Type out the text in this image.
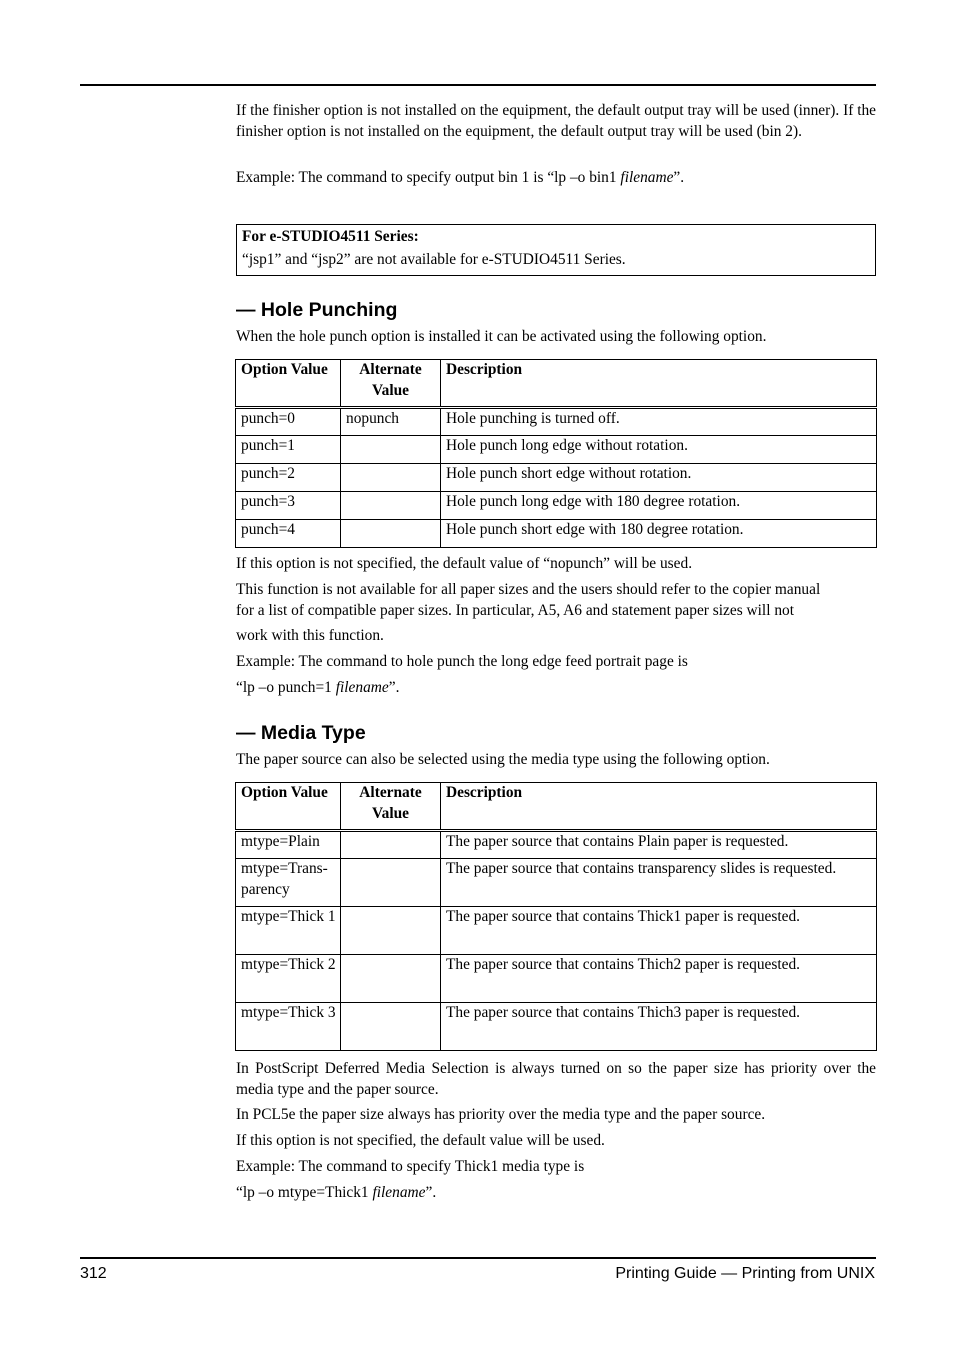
If the finisher option is not installed on the equipment, the default output tray will be used (inner). If the finisher option is not installed on the equipment, the default output tray will be used (bin 2).
Example: The command to specify output bin 1 is “lp –o bin1 filename”.
For e-STUDIO4511 Series:
“jsp1” and “jsp2” are not available for e-STUDIO4511 Series.
— Hole Punching
When the hole punch option is installed it can be activated using the following option.
Option Value	Alternate Value	Description
punch=0	nopunch	Hole punching is turned off.
punch=1		Hole punch long edge without rotation.
punch=2		Hole punch short edge without rotation.
punch=3		Hole punch long edge with 180 degree rotation.
punch=4		Hole punch short edge with 180 degree rotation.
If this option is not specified, the default value of “nopunch” will be used.
This function is not available for all paper sizes and the users should refer to the copier manual
for a list of compatible paper sizes. In particular, A5, A6 and statement paper sizes will not
work with this function.
Example: The command to hole punch the long edge feed portrait page is
“lp –o punch=1 filename”.
— Media Type
The paper source can also be selected using the media type using the following option.
Option Value	Alternate Value	Description
mtype=Plain		The paper source that contains Plain paper is requested.
mtype=Trans-parency		The paper source that contains transparency slides is requested.
mtype=Thick 1		The paper source that contains Thick1 paper is requested.
mtype=Thick 2		The paper source that contains Thich2 paper is requested.
mtype=Thick 3		The paper source that contains Thich3 paper is requested.
In PostScript Deferred Media Selection is always turned on so the paper size has priority over the media type and the paper source.
In PCL5e the paper size always has priority over the media type and the paper source.
If this option is not specified, the default value will be used.
Example: The command to specify Thick1 media type is
“lp –o mtype=Thick1 filename”.
312	Printing Guide — Printing from UNIX
